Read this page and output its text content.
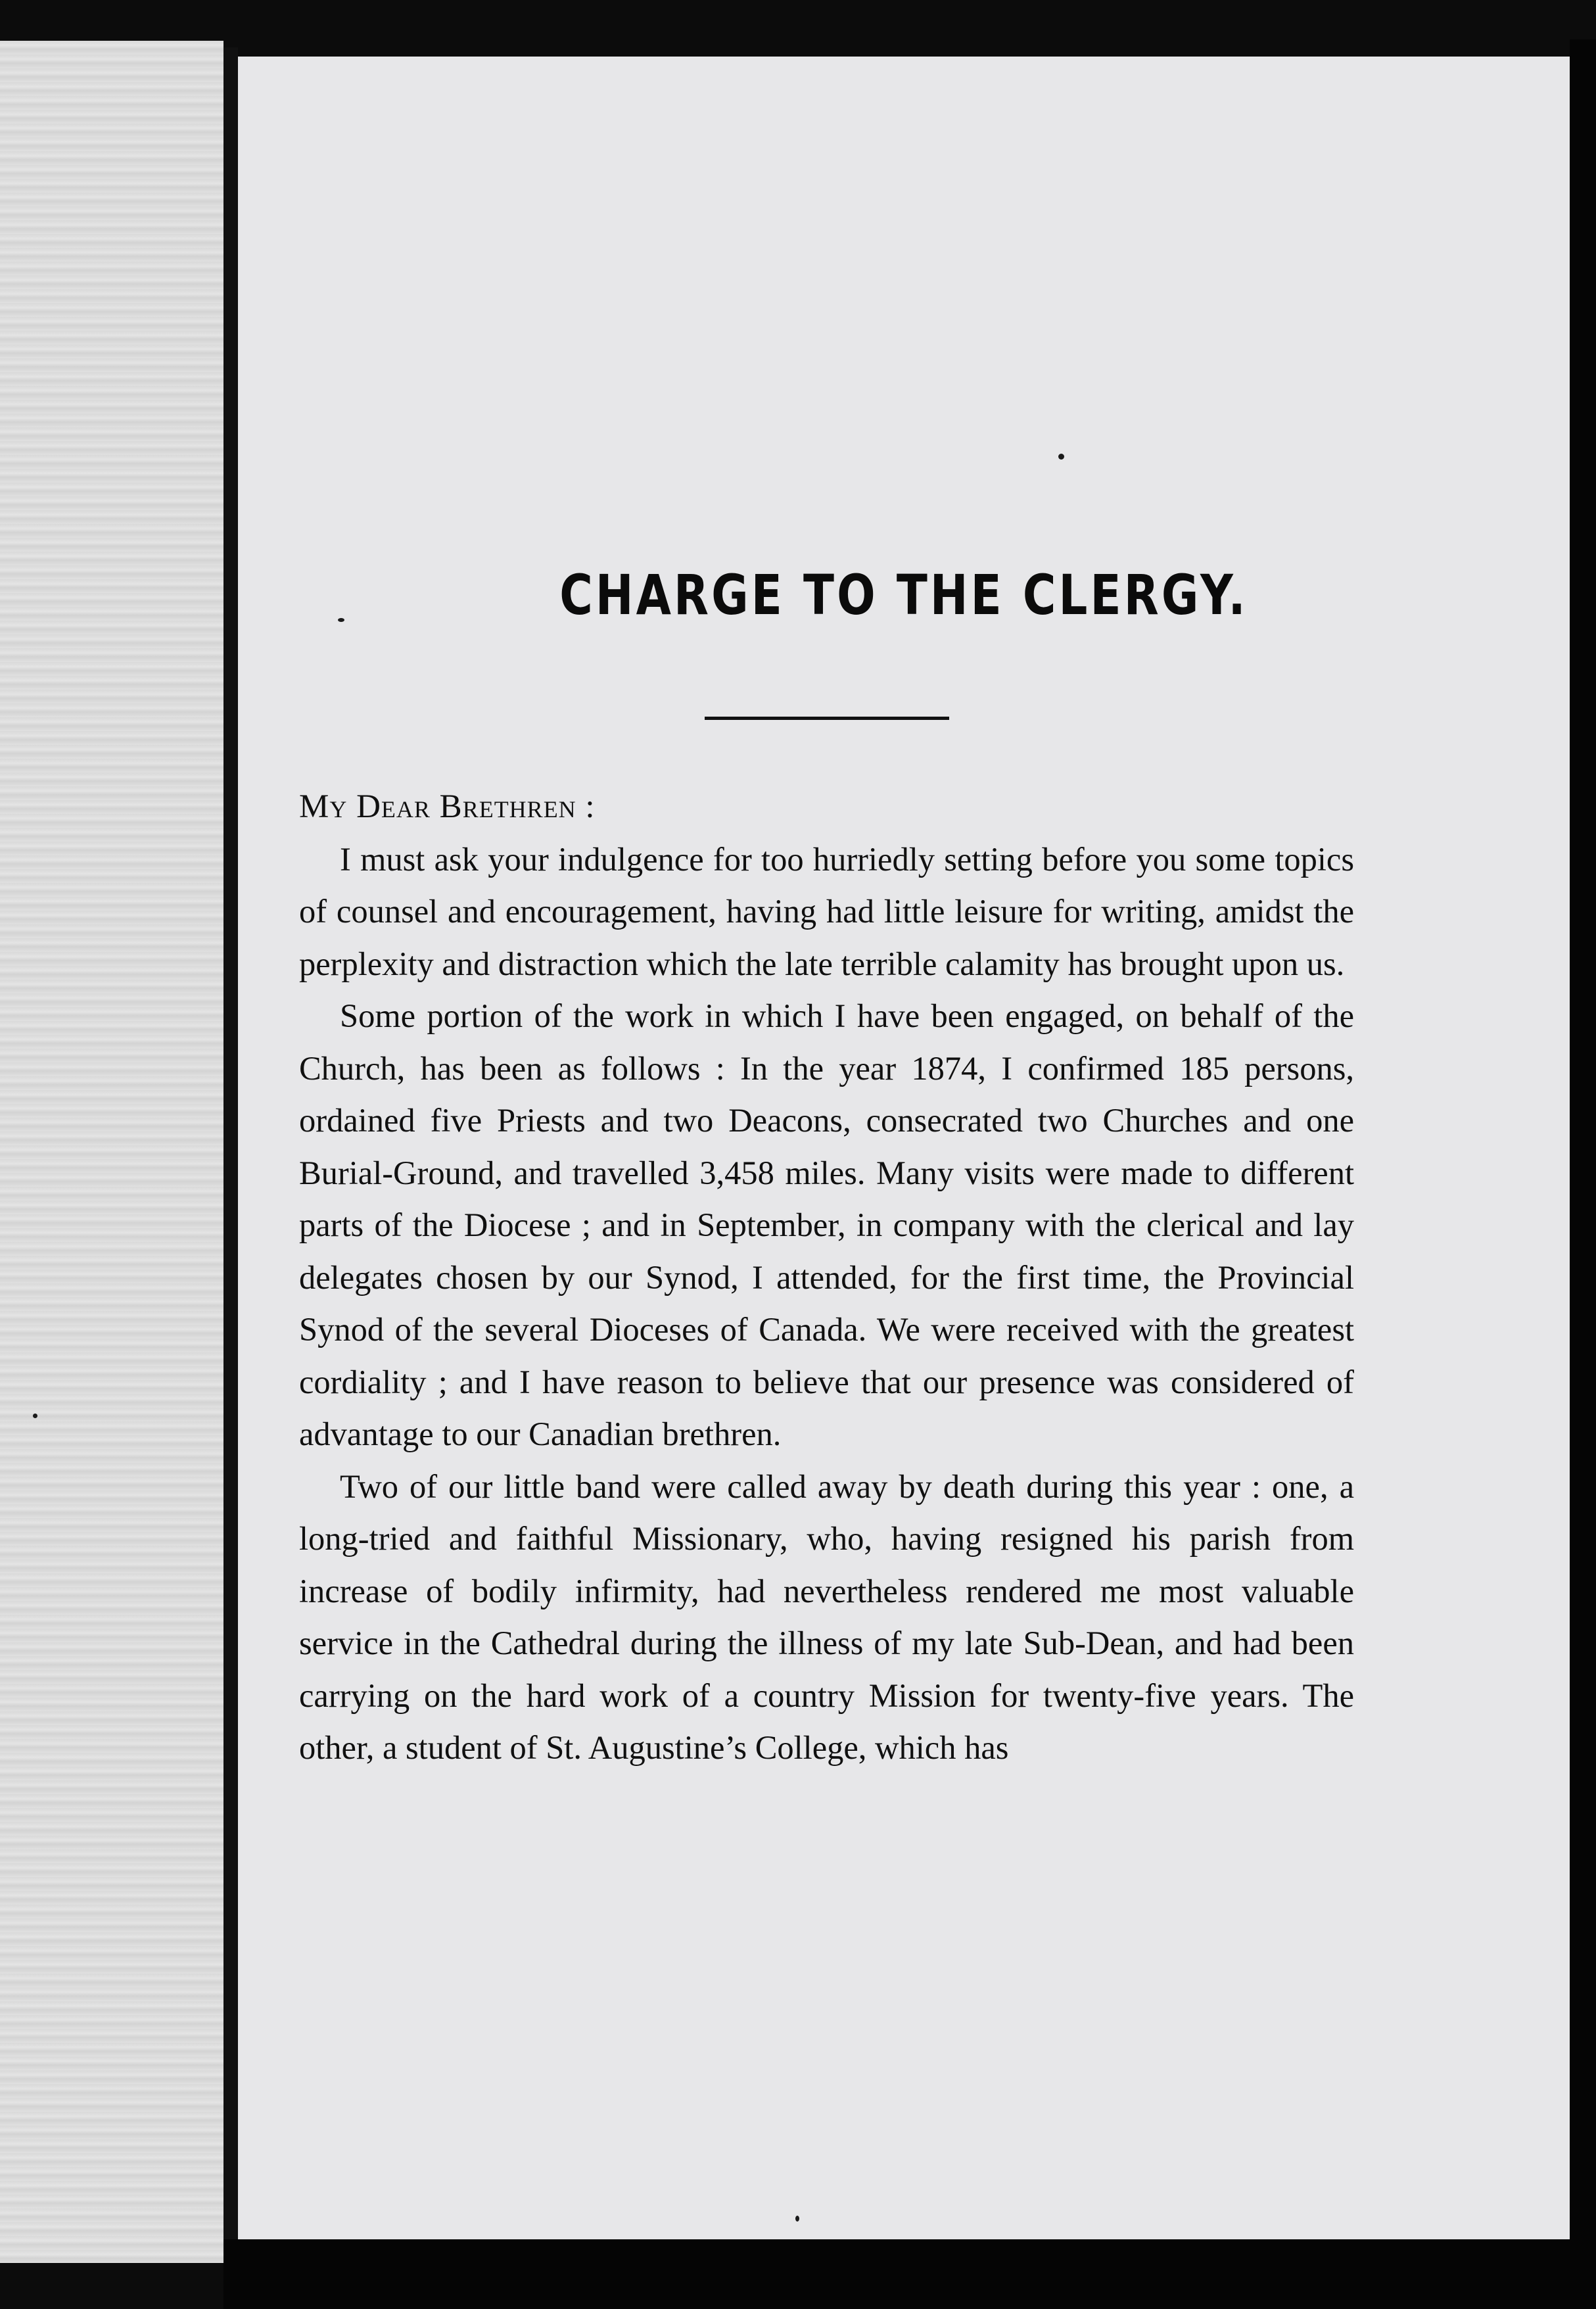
CHARGE TO THE CLERGY.

My Dear Brethren :

I must ask your indulgence for too hurriedly setting before you some topics of counsel and encouragement, having had little leisure for writing, amidst the perplexity and distraction which the late terrible calamity has brought upon us.

Some portion of the work in which I have been engaged, on behalf of the Church, has been as follows : In the year 1874, I confirmed 185 persons, ordained five Priests and two Deacons, consecrated two Churches and one Burial-Ground, and travelled 3,458 miles. Many visits were made to different parts of the Diocese ; and in September, in company with the clerical and lay delegates chosen by our Synod, I attended, for the first time, the Provincial Synod of the several Dioceses of Canada. We were received with the greatest cordiality ; and I have reason to believe that our presence was considered of advantage to our Canadian brethren.

Two of our little band were called away by death during this year : one, a long-tried and faithful Missionary, who, having resigned his parish from increase of bodily infirmity, had nevertheless rendered me most valuable service in the Cathedral during the illness of my late Sub-Dean, and had been carrying on the hard work of a country Mission for twenty-five years. The other, a student of St. Augustine’s College, which has
